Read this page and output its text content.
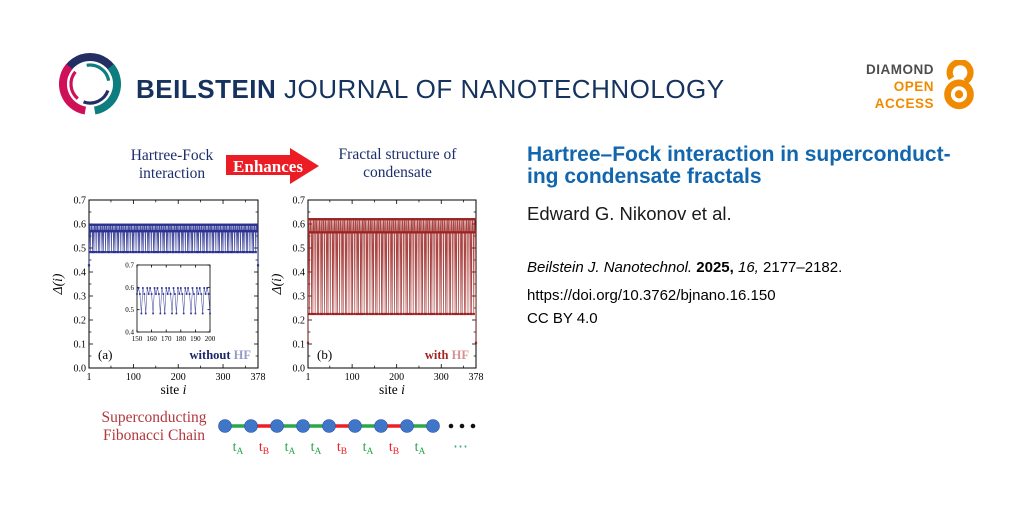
BEILSTEIN JOURNAL OF NANOTECHNOLOGY
DIAMOND
OPEN
ACCESS
Hartree-Fock
interaction	Enhances
Fractal structure of
condensate
0.0
0.1
0.2
0.3
0.4
0.5
0.6
0.7
1	100	200	300 378
(a)	without HF
site i
Δ(i)
0.4
0.5
0.6
0.7
150 160 170 180 190 200
0.0
0.1
0.2
0.3
0.4
0.5
0.6
0.7
1	100	200	300 378
(b)	with HF
site i
Δ(i)
Superconducting
Fibonacci Chain
$t_A$ $t_B$ $t_A$ $t_A$ $t_B$ $t_A$ $t_B$ $t_A$ ⋯
Hartree–Fock interaction in superconduct-
ing condensate fractals
Edward G. Nikonov et al.
Beilstein J. Nanotechnol. 2025, 16, 2177–2182.
https://doi.org/10.3762/bjnano.16.150
CC BY 4.0
